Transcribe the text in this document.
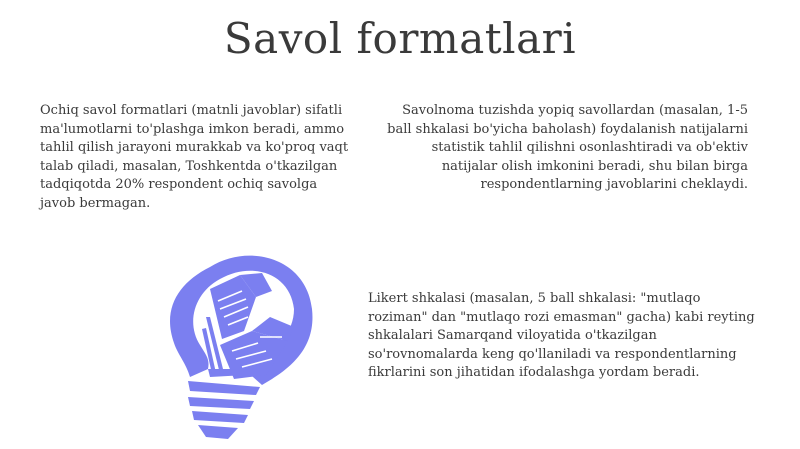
Savol formatlari

Ochiq savol formatlari (matnli javoblar) sifatli ma'lumotlarni to'plashga imkon beradi, ammo tahlil qilish jarayoni murakkab va ko'proq vaqt talab qiladi, masalan, Toshkentda o'tkazilgan tadqiqotda 20% respondent ochiq savolga javob bermagan.

Savolnoma tuzishda yopiq savollardan (masalan, 1-5 ball shkalasi bo'yicha baholash) foydalanish natijalarni statistik tahlil qilishni osonlashtiradi va ob'ektiv natijalar olish imkonini beradi, shu bilan birga respondentlarning javoblarini cheklaydi.

Likert shkalasi (masalan, 5 ball shkalasi: "mutlaqo roziman" dan "mutlaqo rozi emasman" gacha) kabi reyting shkalalari Samarqand viloyatida o'tkazilgan so'rovnomalarda keng qo'llaniladi va respondentlarning fikrlarini son jihatidan ifodalashga yordam beradi.
